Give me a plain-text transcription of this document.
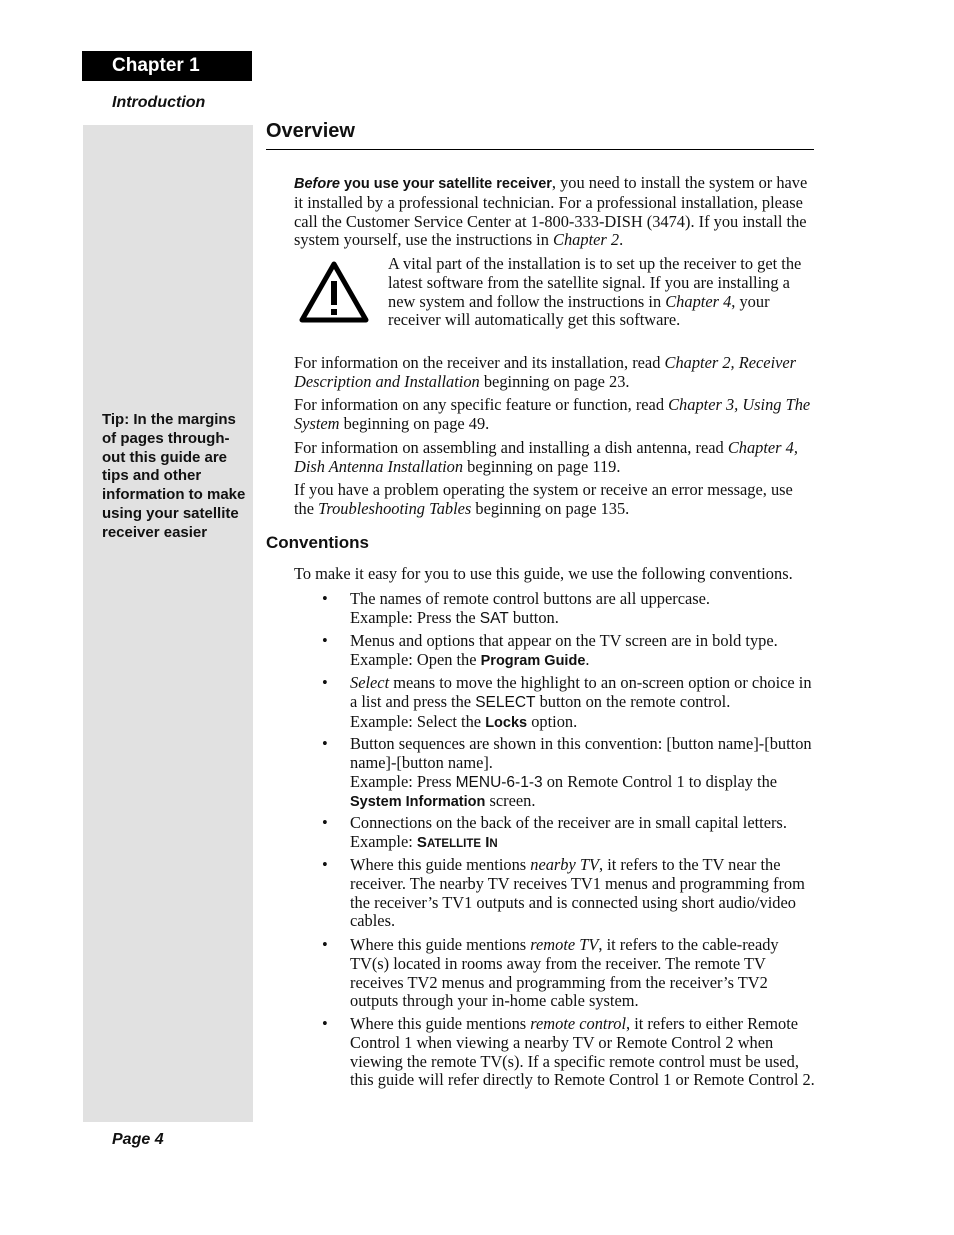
Chapter 1
Introduction
Tip: In the margins of pages through-out this guide are tips and other information to make using your satellite receiver easier
Overview
Before you use your satellite receiver, you need to install the system or have it installed by a professional technician. For a professional installation, please call the Customer Service Center at 1-800-333-DISH (3474). If you install the system yourself, use the instructions in Chapter 2.
A vital part of the installation is to set up the receiver to get the latest software from the satellite signal. If you are installing a new system and follow the instructions in Chapter 4, your receiver will automatically get this software.
For information on the receiver and its installation, read Chapter 2, Receiver Description and Installation beginning on page 23.
For information on any specific feature or function, read Chapter 3, Using The System beginning on page 49.
For information on assembling and installing a dish antenna, read Chapter 4, Dish Antenna Installation beginning on page 119.
If you have a problem operating the system or receive an error message, use the Troubleshooting Tables beginning on page 135.
Conventions
To make it easy for you to use this guide, we use the following conventions.
• The names of remote control buttons are all uppercase.
Example: Press the SAT button.
• Menus and options that appear on the TV screen are in bold type.
Example: Open the Program Guide.
• Select means to move the highlight to an on-screen option or choice in a list and press the SELECT button on the remote control.
Example: Select the Locks option.
• Button sequences are shown in this convention: [button name]-[button name]-[button name].
Example: Press MENU-6-1-3 on Remote Control 1 to display the
System Information screen.
• Connections on the back of the receiver are in small capital letters.
Example: SATELLITE IN
• Where this guide mentions nearby TV, it refers to the TV near the receiver. The nearby TV receives TV1 menus and programming from the receiver’s TV1 outputs and is connected using short audio/video cables.
• Where this guide mentions remote TV, it refers to the cable-ready TV(s) located in rooms away from the receiver. The remote TV receives TV2 menus and programming from the receiver’s TV2 outputs through your in-home cable system.
• Where this guide mentions remote control, it refers to either Remote Control 1 when viewing a nearby TV or Remote Control 2 when viewing the remote TV(s). If a specific remote control must be used, this guide will refer directly to Remote Control 1 or Remote Control 2.
Page 4
